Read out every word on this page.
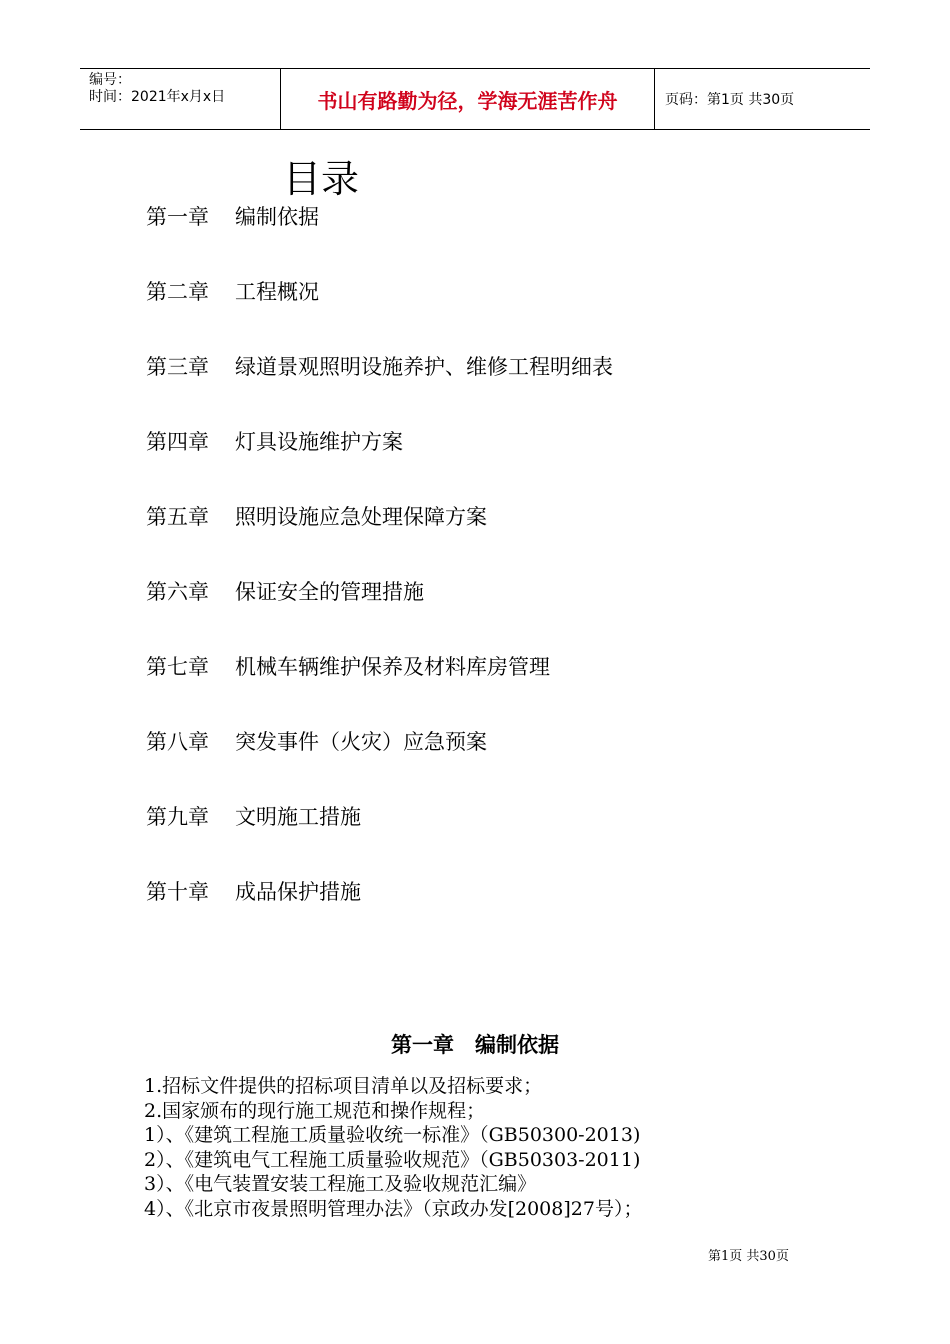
编号：
时间：2021年x月x日	书山有路勤为径，学海无涯苦作舟	页码：第1页 共30页
目录
第一章 编制依据
第二章 工程概况
第三章 绿道景观照明设施养护、维修工程明细表
第四章 灯具设施维护方案
第五章 照明设施应急处理保障方案
第六章 保证安全的管理措施
第七章 机械车辆维护保养及材料库房管理
第八章 突发事件（火灾）应急预案
第九章 文明施工措施
第十章 成品保护措施
第一章　编制依据
1.招标文件提供的招标项目清单以及招标要求；
2.国家颁布的现行施工规范和操作规程；
1）、《建筑工程施工质量验收统一标准》（GB50300-2013)
2）、《建筑电气工程施工质量验收规范》（GB50303-2011)
3）、《电气装置安装工程施工及验收规范汇编》
4）、《北京市夜景照明管理办法》（京政办发[2008]27号）；
第1页 共30页
